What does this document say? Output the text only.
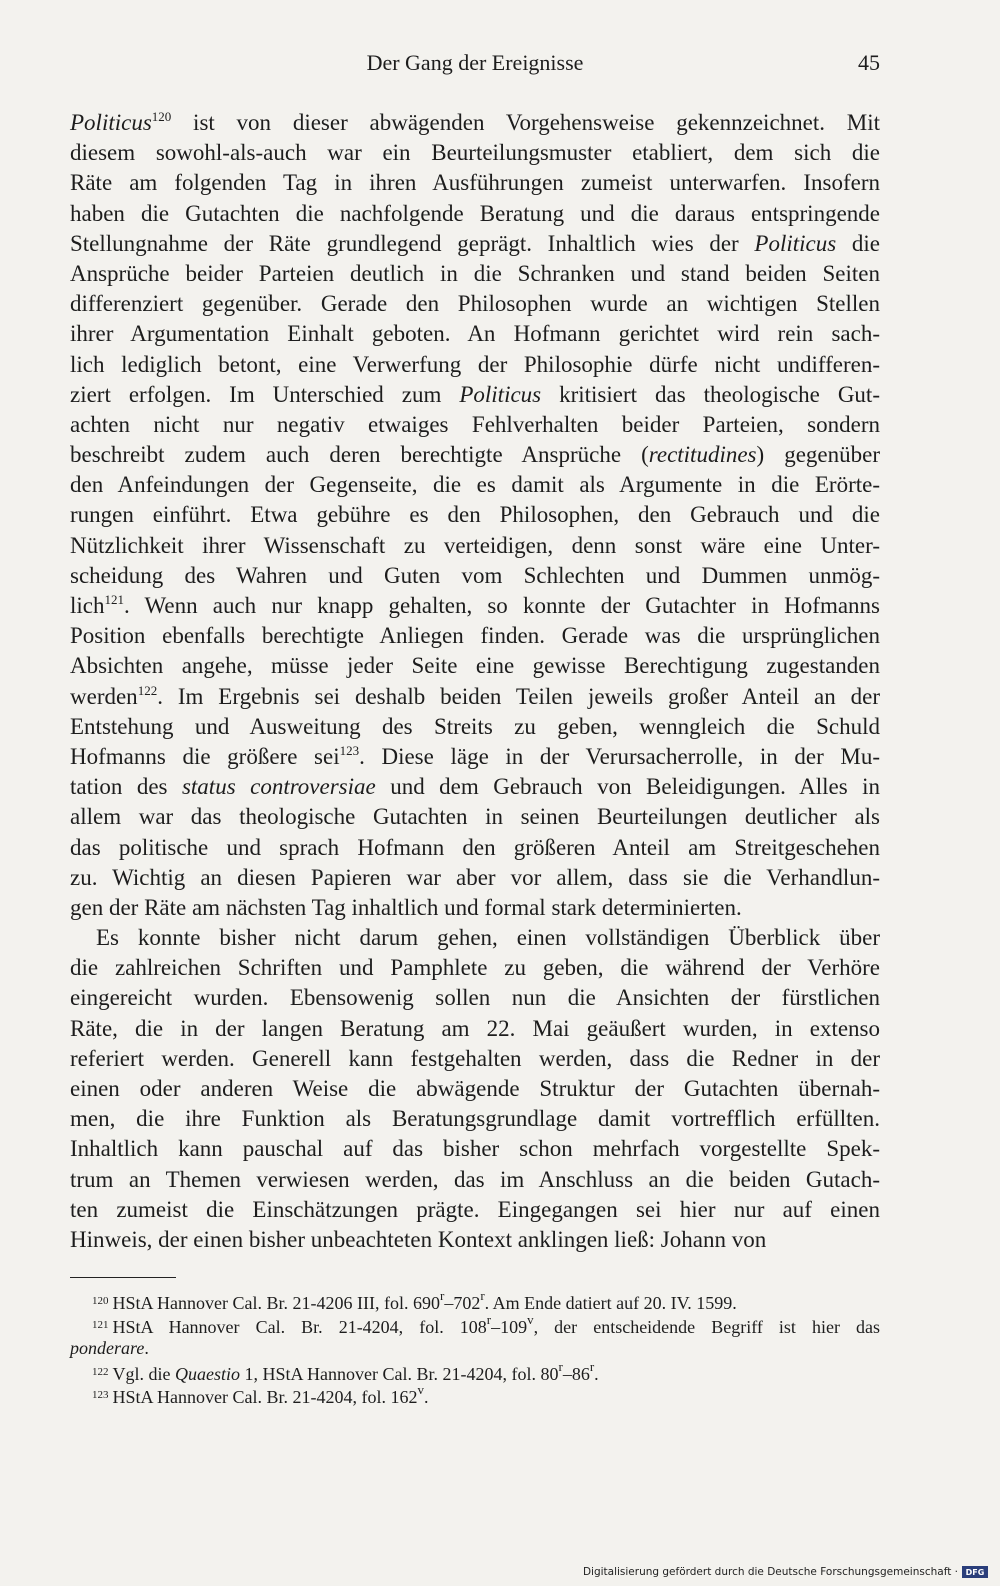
Der Gang der Ereignisse	45
Politicus$^{120}$ ist von dieser abwägenden Vorgehensweise gekennzeichnet. Mit
diesem sowohl-als-auch war ein Beurteilungsmuster etabliert, dem sich die
Räte am folgenden Tag in ihren Ausführungen zumeist unterwarfen. Insofern
haben die Gutachten die nachfolgende Beratung und die daraus entspringende
Stellungnahme der Räte grundlegend geprägt. Inhaltlich wies der Politicus die
Ansprüche beider Parteien deutlich in die Schranken und stand beiden Seiten
differenziert gegenüber. Gerade den Philosophen wurde an wichtigen Stellen
ihrer Argumentation Einhalt geboten. An Hofmann gerichtet wird rein sach-
lich lediglich betont, eine Verwerfung der Philosophie dürfe nicht undifferen-
ziert erfolgen. Im Unterschied zum Politicus kritisiert das theologische Gut-
achten nicht nur negativ etwaiges Fehlverhalten beider Parteien, sondern
beschreibt zudem auch deren berechtigte Ansprüche (rectitudines) gegenüber
den Anfeindungen der Gegenseite, die es damit als Argumente in die Erörte-
rungen einführt. Etwa gebühre es den Philosophen, den Gebrauch und die
Nützlichkeit ihrer Wissenschaft zu verteidigen, denn sonst wäre eine Unter-
scheidung des Wahren und Guten vom Schlechten und Dummen unmög-
lich$^{121}$. Wenn auch nur knapp gehalten, so konnte der Gutachter in Hofmanns
Position ebenfalls berechtigte Anliegen finden. Gerade was die ursprünglichen
Absichten angehe, müsse jeder Seite eine gewisse Berechtigung zugestanden
werden$^{122}$. Im Ergebnis sei deshalb beiden Teilen jeweils großer Anteil an der
Entstehung und Ausweitung des Streits zu geben, wenngleich die Schuld
Hofmanns die größere sei$^{123}$. Diese läge in der Verursacherrolle, in der Mu-
tation des status controversiae und dem Gebrauch von Beleidigungen. Alles in
allem war das theologische Gutachten in seinen Beurteilungen deutlicher als
das politische und sprach Hofmann den größeren Anteil am Streitgeschehen
zu. Wichtig an diesen Papieren war aber vor allem, dass sie die Verhandlun-
gen der Räte am nächsten Tag inhaltlich und formal stark determinierten.
Es konnte bisher nicht darum gehen, einen vollständigen Überblick über
die zahlreichen Schriften und Pamphlete zu geben, die während der Verhöre
eingereicht wurden. Ebensowenig sollen nun die Ansichten der fürstlichen
Räte, die in der langen Beratung am 22. Mai geäußert wurden, in extenso
referiert werden. Generell kann festgehalten werden, dass die Redner in der
einen oder anderen Weise die abwägende Struktur der Gutachten übernah-
men, die ihre Funktion als Beratungsgrundlage damit vortrefflich erfüllten.
Inhaltlich kann pauschal auf das bisher schon mehrfach vorgestellte Spek-
trum an Themen verwiesen werden, das im Anschluss an die beiden Gutach-
ten zumeist die Einschätzungen prägte. Eingegangen sei hier nur auf einen
Hinweis, der einen bisher unbeachteten Kontext anklingen ließ: Johann von
$^{120}$ HStA Hannover Cal. Br. 21-4206 III, fol. 690$^r$–702$^r$. Am Ende datiert auf 20. IV. 1599.
$^{121}$ HStA Hannover Cal. Br. 21-4204, fol. 108$^r$–109$^v$, der entscheidende Begriff ist hier das
ponderare.
$^{122}$ Vgl. die Quaestio 1, HStA Hannover Cal. Br. 21-4204, fol. 80$^r$–86$^r$.
$^{123}$ HStA Hannover Cal. Br. 21-4204, fol. 162$^v$.
Digitalisierung gefördert durch die Deutsche Forschungsgemeinschaft · DFG
